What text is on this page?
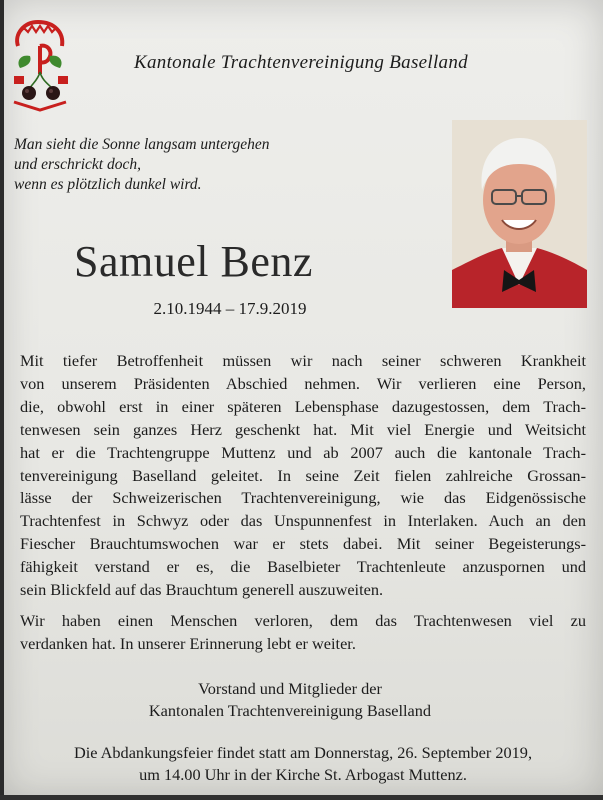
Kantonale Trachtenvereinigung Baselland
Man sieht die Sonne langsam untergehen
und erschrickt doch,
wenn es plötzlich dunkel wird.
Samuel Benz
2.10.1944 – 17.9.2019
Mit tiefer Betroffenheit müssen wir nach seiner schweren Krankheit
von unserem Präsidenten Abschied nehmen. Wir verlieren eine Person,
die, obwohl erst in einer späteren Lebensphase dazugestossen, dem Trach-
tenwesen sein ganzes Herz geschenkt hat. Mit viel Energie und Weitsicht
hat er die Trachtengruppe Muttenz und ab 2007 auch die kantonale Trach-
tenvereinigung Baselland geleitet. In seine Zeit fielen zahlreiche Grossan-
lässe der Schweizerischen Trachtenvereinigung, wie das Eidgenössische
Trachtenfest in Schwyz oder das Unspunnenfest in Interlaken. Auch an den
Fiescher Brauchtumswochen war er stets dabei. Mit seiner Begeisterungs-
fähigkeit verstand er es, die Baselbieter Trachtenleute anzuspornen und
sein Blickfeld auf das Brauchtum generell auszuweiten.
Wir haben einen Menschen verloren, dem das Trachtenwesen viel zu
verdanken hat. In unserer Erinnerung lebt er weiter.
Vorstand und Mitglieder der
Kantonalen Trachtenvereinigung Baselland
Die Abdankungsfeier findet statt am Donnerstag, 26. September 2019,
um 14.00 Uhr in der Kirche St. Arbogast Muttenz.
